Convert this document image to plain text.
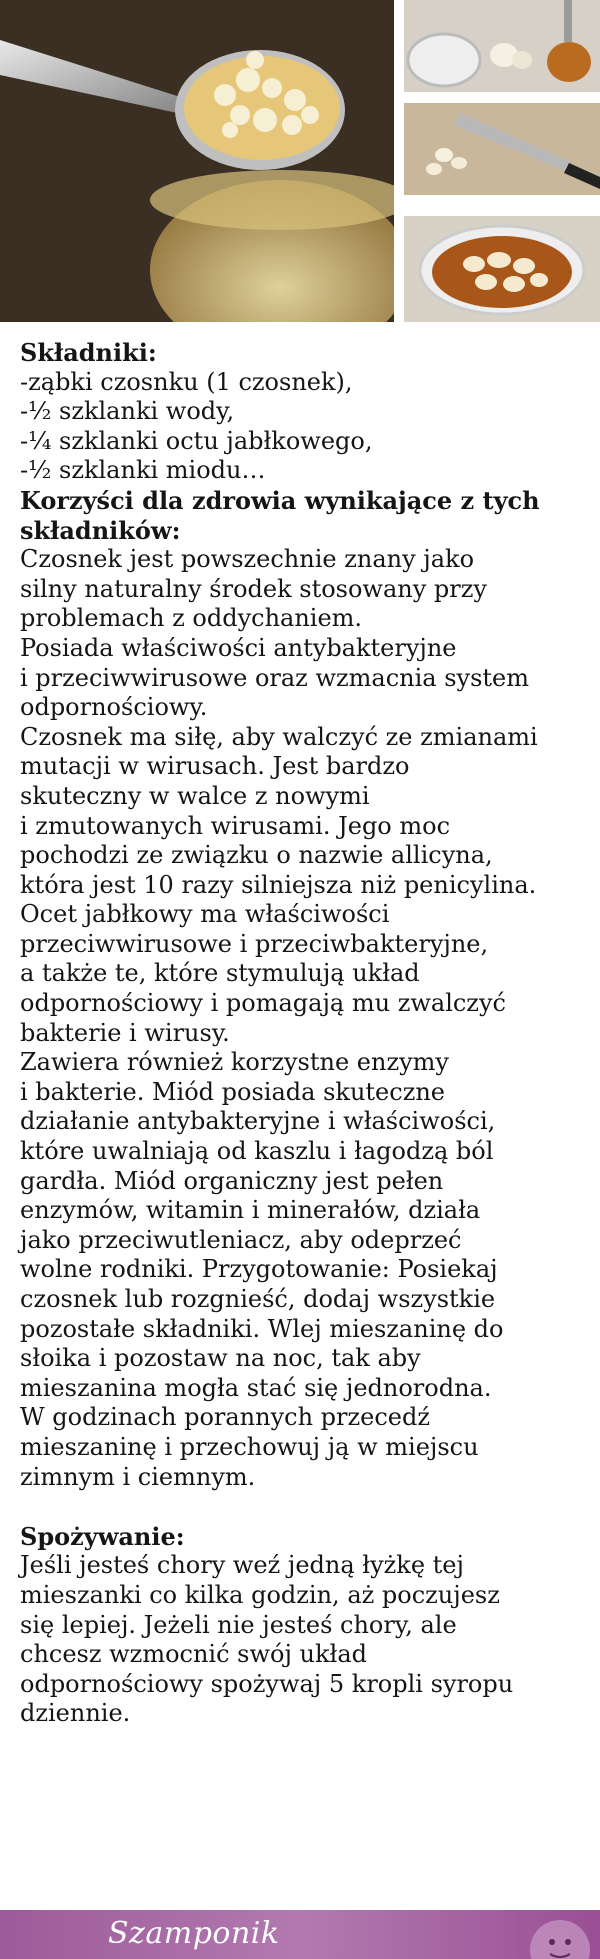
Składniki:
-ząbki czosnku (1 czosnek),
-½ szklanki wody,
-¼ szklanki octu jabłkowego,
-½ szklanki miodu…
Korzyści dla zdrowia wynikające z tych
składników:
Czosnek jest powszechnie znany jako
silny naturalny środek stosowany przy
problemach z oddychaniem.
Posiada właściwości antybakteryjne
i przeciwwirusowe oraz wzmacnia system
odpornościowy.
Czosnek ma siłę, aby walczyć ze zmianami
mutacji w wirusach. Jest bardzo
skuteczny w walce z nowymi
i zmutowanych wirusami. Jego moc
pochodzi ze związku o nazwie allicyna,
która jest 10 razy silniejsza niż penicylina.
Ocet jabłkowy ma właściwości
przeciwwirusowe i przeciwbakteryjne,
a także te, które stymulują układ
odpornościowy i pomagają mu zwalczyć
bakterie i wirusy.
Zawiera również korzystne enzymy
i bakterie. Miód posiada skuteczne
działanie antybakteryjne i właściwości,
które uwalniają od kaszlu i łagodzą ból
gardła. Miód organiczny jest pełen
enzymów, witamin i minerałów, działa
jako przeciwutleniacz, aby odeprzeć
wolne rodniki. Przygotowanie: Posiekaj
czosnek lub rozgnieść, dodaj wszystkie
pozostałe składniki. Wlej mieszaninę do
słoika i pozostaw na noc, tak aby
mieszanina mogła stać się jednorodna.
W godzinach porannych przecedź
mieszaninę i przechowuj ją w miejscu
zimnym i ciemnym.
Spożywanie:
Jeśli jesteś chory weź jedną łyżkę tej
mieszanki co kilka godzin, aż poczujesz
się lepiej. Jeżeli nie jesteś chory, ale
chcesz wzmocnić swój układ
odpornościowy spożywaj 5 kropli syropu
dziennie.
Szamponik
